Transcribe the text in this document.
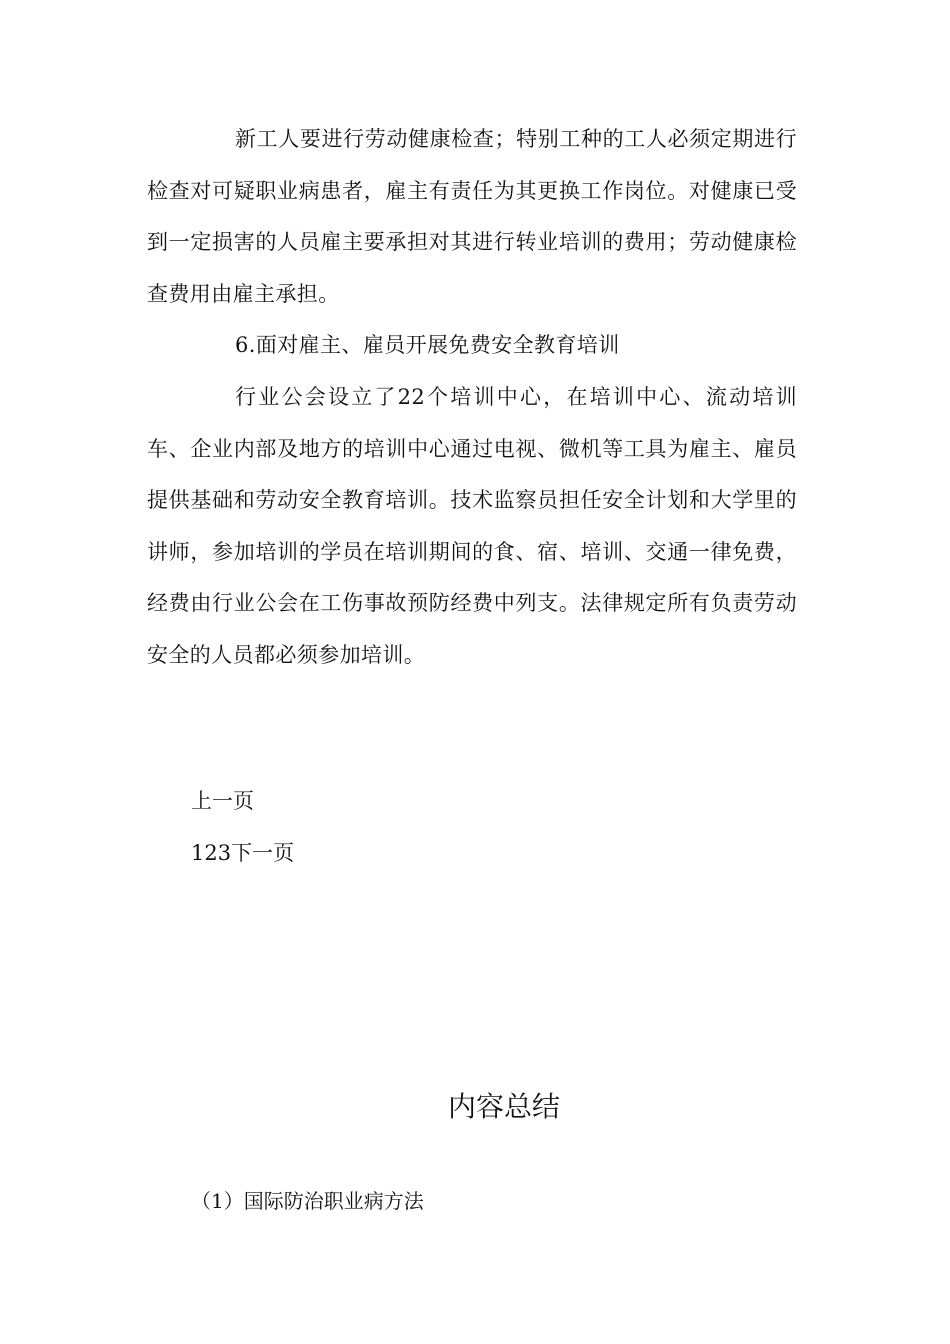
新工人要进行劳动健康检查；特别工种的工人必须定期进行检查对可疑职业病患者，雇主有责任为其更换工作岗位。对健康已受到一定损害的人员雇主要承担对其进行转业培训的费用；劳动健康检查费用由雇主承担。

6.面对雇主、雇员开展免费安全教育培训

行业公会设立了22个培训中心，在培训中心、流动培训车、企业内部及地方的培训中心通过电视、微机等工具为雇主、雇员提供基础和劳动安全教育培训。技术监察员担任安全计划和大学里的讲师，参加培训的学员在培训期间的食、宿、培训、交通一律免费，经费由行业公会在工伤事故预防经费中列支。法律规定所有负责劳动安全的人员都必须参加培训。

上一页

123下一页

内容总结

（1）国际防治职业病方法
